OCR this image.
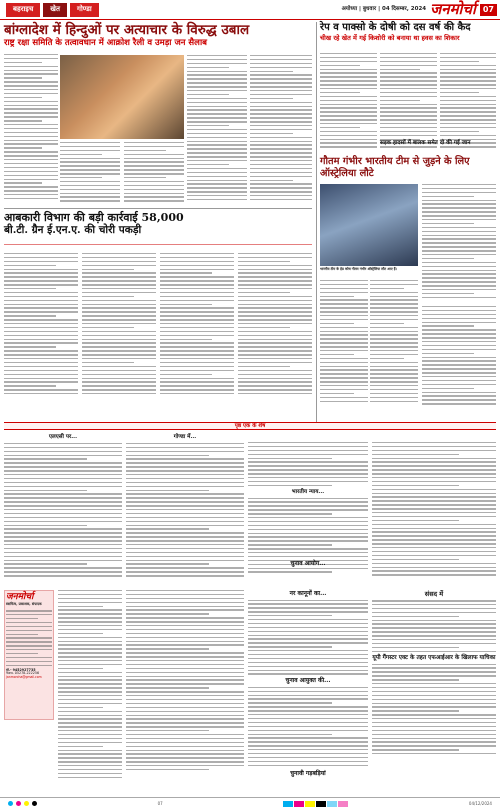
बहराइच	खेत	गोण्डा	अयोध्या | बुधवार | 04 दिसम्बर, 2024 जनमोर्चा 07
बांग्लादेश में हिन्दुओं पर अत्याचार के विरुद्ध उबाल
राष्ट्र रक्षा समिति के तत्वावधान में आक्रोश रैली व उमड़ा जन सैलाब
आबकारी विभाग की बड़ी कार्रवाई 58,000
बी.टी. ग्रैन ई.एन.ए. की चोरी पकड़ी
रेप व पाक्सो के दोषी को दस वर्ष की कैद
चीख रहे खेत में गई किशोरी को बनाया था हवस का शिकार
सड़क हादसों में बालक समेत दो की गई जान
गौतम गंभीर भारतीय टीम से जुड़ने के लिए ऑस्ट्रेलिया लौटे
भारतीय टीम के हेड कोच गौतम गंभीर ऑस्ट्रेलिया लौट आए हैं।
पृष्ठ एक के शेष
एलएसी पर...	गोण्डा में...
भारतीय न्याय...
जनमोर्चा
स्वामित्व, प्रकाशक, संपादक
मो.- 9452927735
फैक्स- 05278-222256
janmorcha@gmail.com
नर कानूनों का...
चुनाव आयुक्त की...
चुनाव आयोग...
संसद में
यूपी गैंगस्टर एक्ट के तहत एफआईआर के खिलाफ याचिका
चुनावी गड़बड़ियां
07	04/12/2024
